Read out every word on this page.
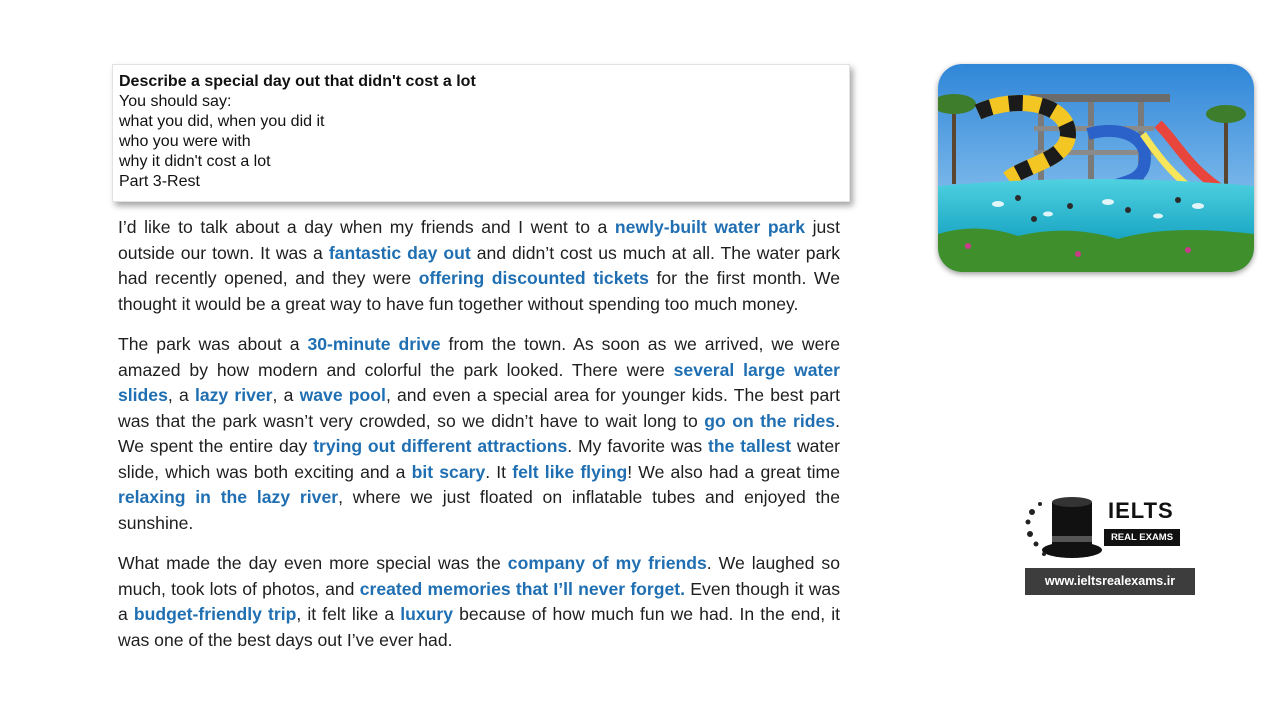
Describe a special day out that didn't cost a lot
You should say:
what you did, when you did it
who you were with
why it didn't cost a lot
Part 3-Rest

I’d like to talk about a day when my friends and I went to a newly-built water park just outside our town. It was a fantastic day out and didn’t cost us much at all. The water park had recently opened, and they were offering discounted tickets for the first month. We thought it would be a great way to have fun together without spending too much money.

The park was about a 30-minute drive from the town. As soon as we arrived, we were amazed by how modern and colorful the park looked. There were several large water slides, a lazy river, a wave pool, and even a special area for younger kids. The best part was that the park wasn’t very crowded, so we didn’t have to wait long to go on the rides. We spent the entire day trying out different attractions. My favorite was the tallest water slide, which was both exciting and a bit scary. It felt like flying! We also had a great time relaxing in the lazy river, where we just floated on inflatable tubes and enjoyed the sunshine.

What made the day even more special was the company of my friends. We laughed so much, took lots of photos, and created memories that I’ll never forget. Even though it was a budget-friendly trip, it felt like a luxury because of how much fun we had. In the end, it was one of the best days out I’ve ever had.

IELTS
REAL EXAMS
www.ieltsrealexams.ir
